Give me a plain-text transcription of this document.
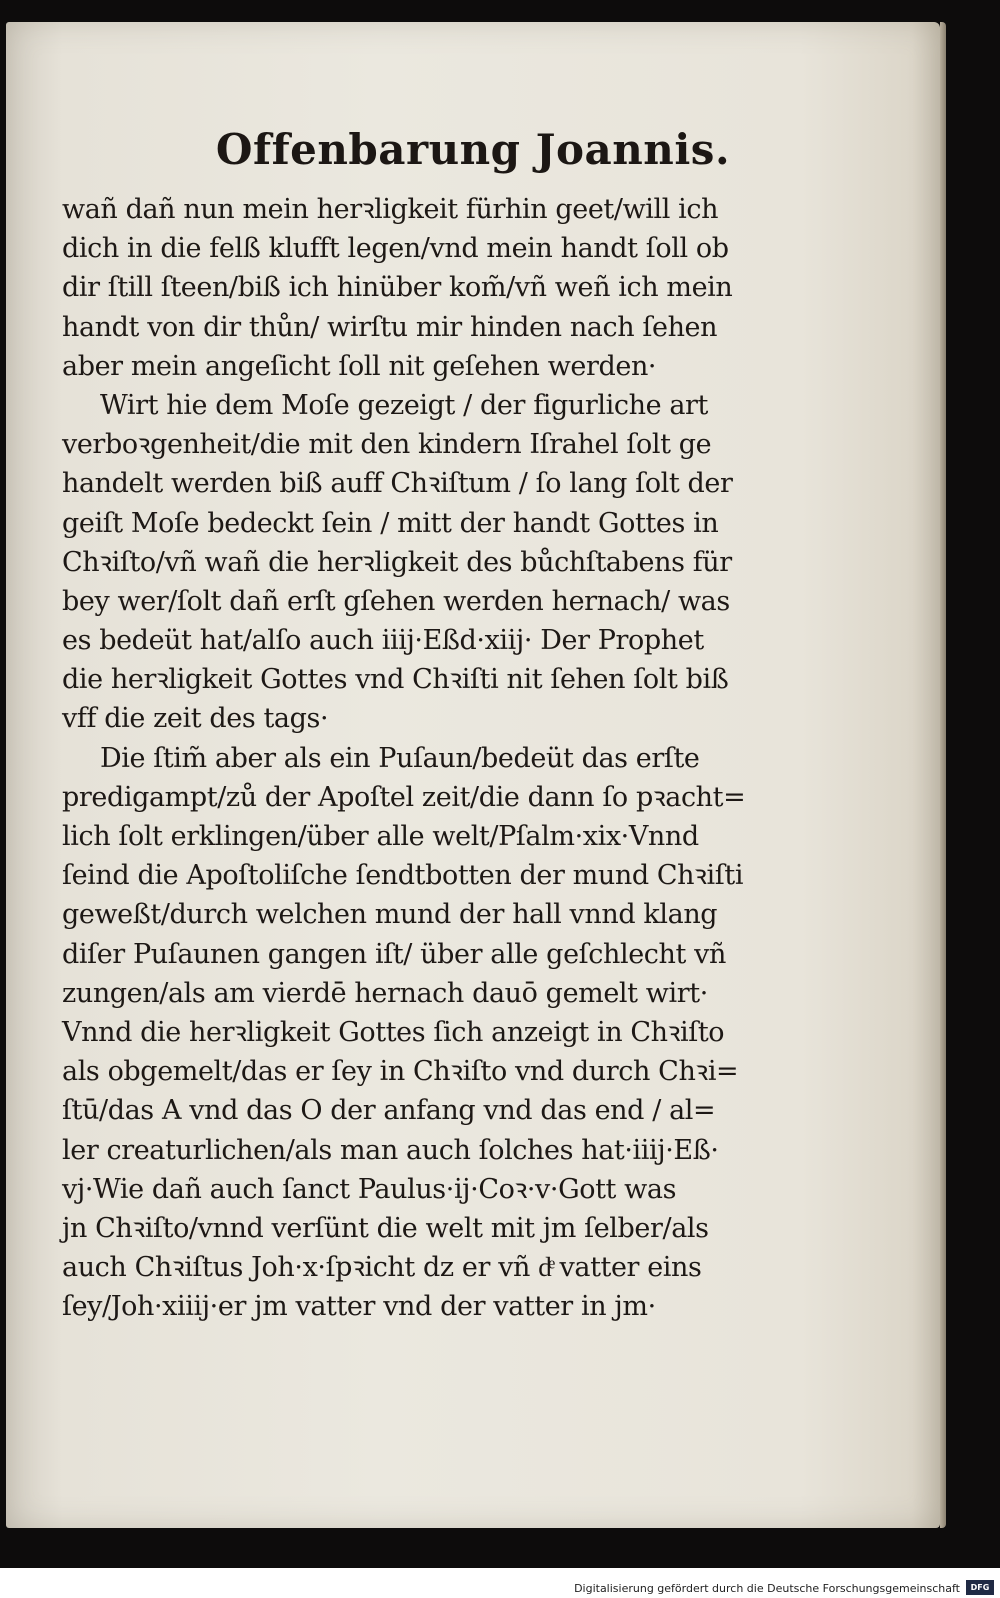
Offenbarung Joannis.
wañ dañ nun mein herꝛligkeit fürhin geet/will ich
dich in die felß klufft legen/vnd mein handt ſoll ob
dir ſtill ſteen/biß ich hinüber kom̃/vñ weñ ich mein
handt von dir thůn/ wirſtu mir hinden nach ſehen
aber mein angeſicht ſoll nit geſehen werden·
Wirt hie dem Moſe gezeigt / der figurliche art
verboꝛgenheit/die mit den kindern Iſrahel ſolt ge
handelt werden biß auff Chꝛiſtum / ſo lang ſolt der
geiſt Moſe bedeckt ſein / mitt der handt Gottes in
Chꝛiſto/vñ wañ die herꝛligkeit des bůchſtabens für
bey wer/ſolt dañ erſt gſehen werden hernach/ was
es bedeüt hat/alſo auch iiij·Eßd·xiij· Der Prophet
die herꝛligkeit Gottes vnd Chꝛiſti nit ſehen ſolt biß
vff die zeit des tags·
Die ſtim̃ aber als ein Puſaun/bedeüt das erſte
predigampt/zů der Apoſtel zeit/die dann ſo pꝛacht=
lich ſolt erklingen/über alle welt/Pſalm·xix·Vnnd
ſeind die Apoſtoliſche ſendtbotten der mund Chꝛiſti
geweßt/durch welchen mund der hall vnnd klang
diſer Puſaunen gangen iſt/ über alle geſchlecht vñ
zungen/als am vierdē hernach dauō gemelt wirt·
Vnnd die herꝛligkeit Gottes ſich anzeigt in Chꝛiſto
als obgemelt/das er ſey in Chꝛiſto vnd durch Chꝛi=
ſtū/das A vnd das O der anfang vnd das end / al=
ler creaturlichen/als man auch ſolches hat·iiij·Eß·
vj·Wie dañ auch ſanct Paulus·ij·Coꝛ·v·Gott was
jn Chꝛiſto/vnnd verſünt die welt mit jm ſelber/als
auch Chꝛiſtus Joh·x·ſpꝛicht dz er vñ dͤ vatter eins
ſey/Joh·xiiij·er jm vatter vnd der vatter in jm·
Digitalisierung gefördert durch die Deutsche Forschungsgemeinschaft	DFG
